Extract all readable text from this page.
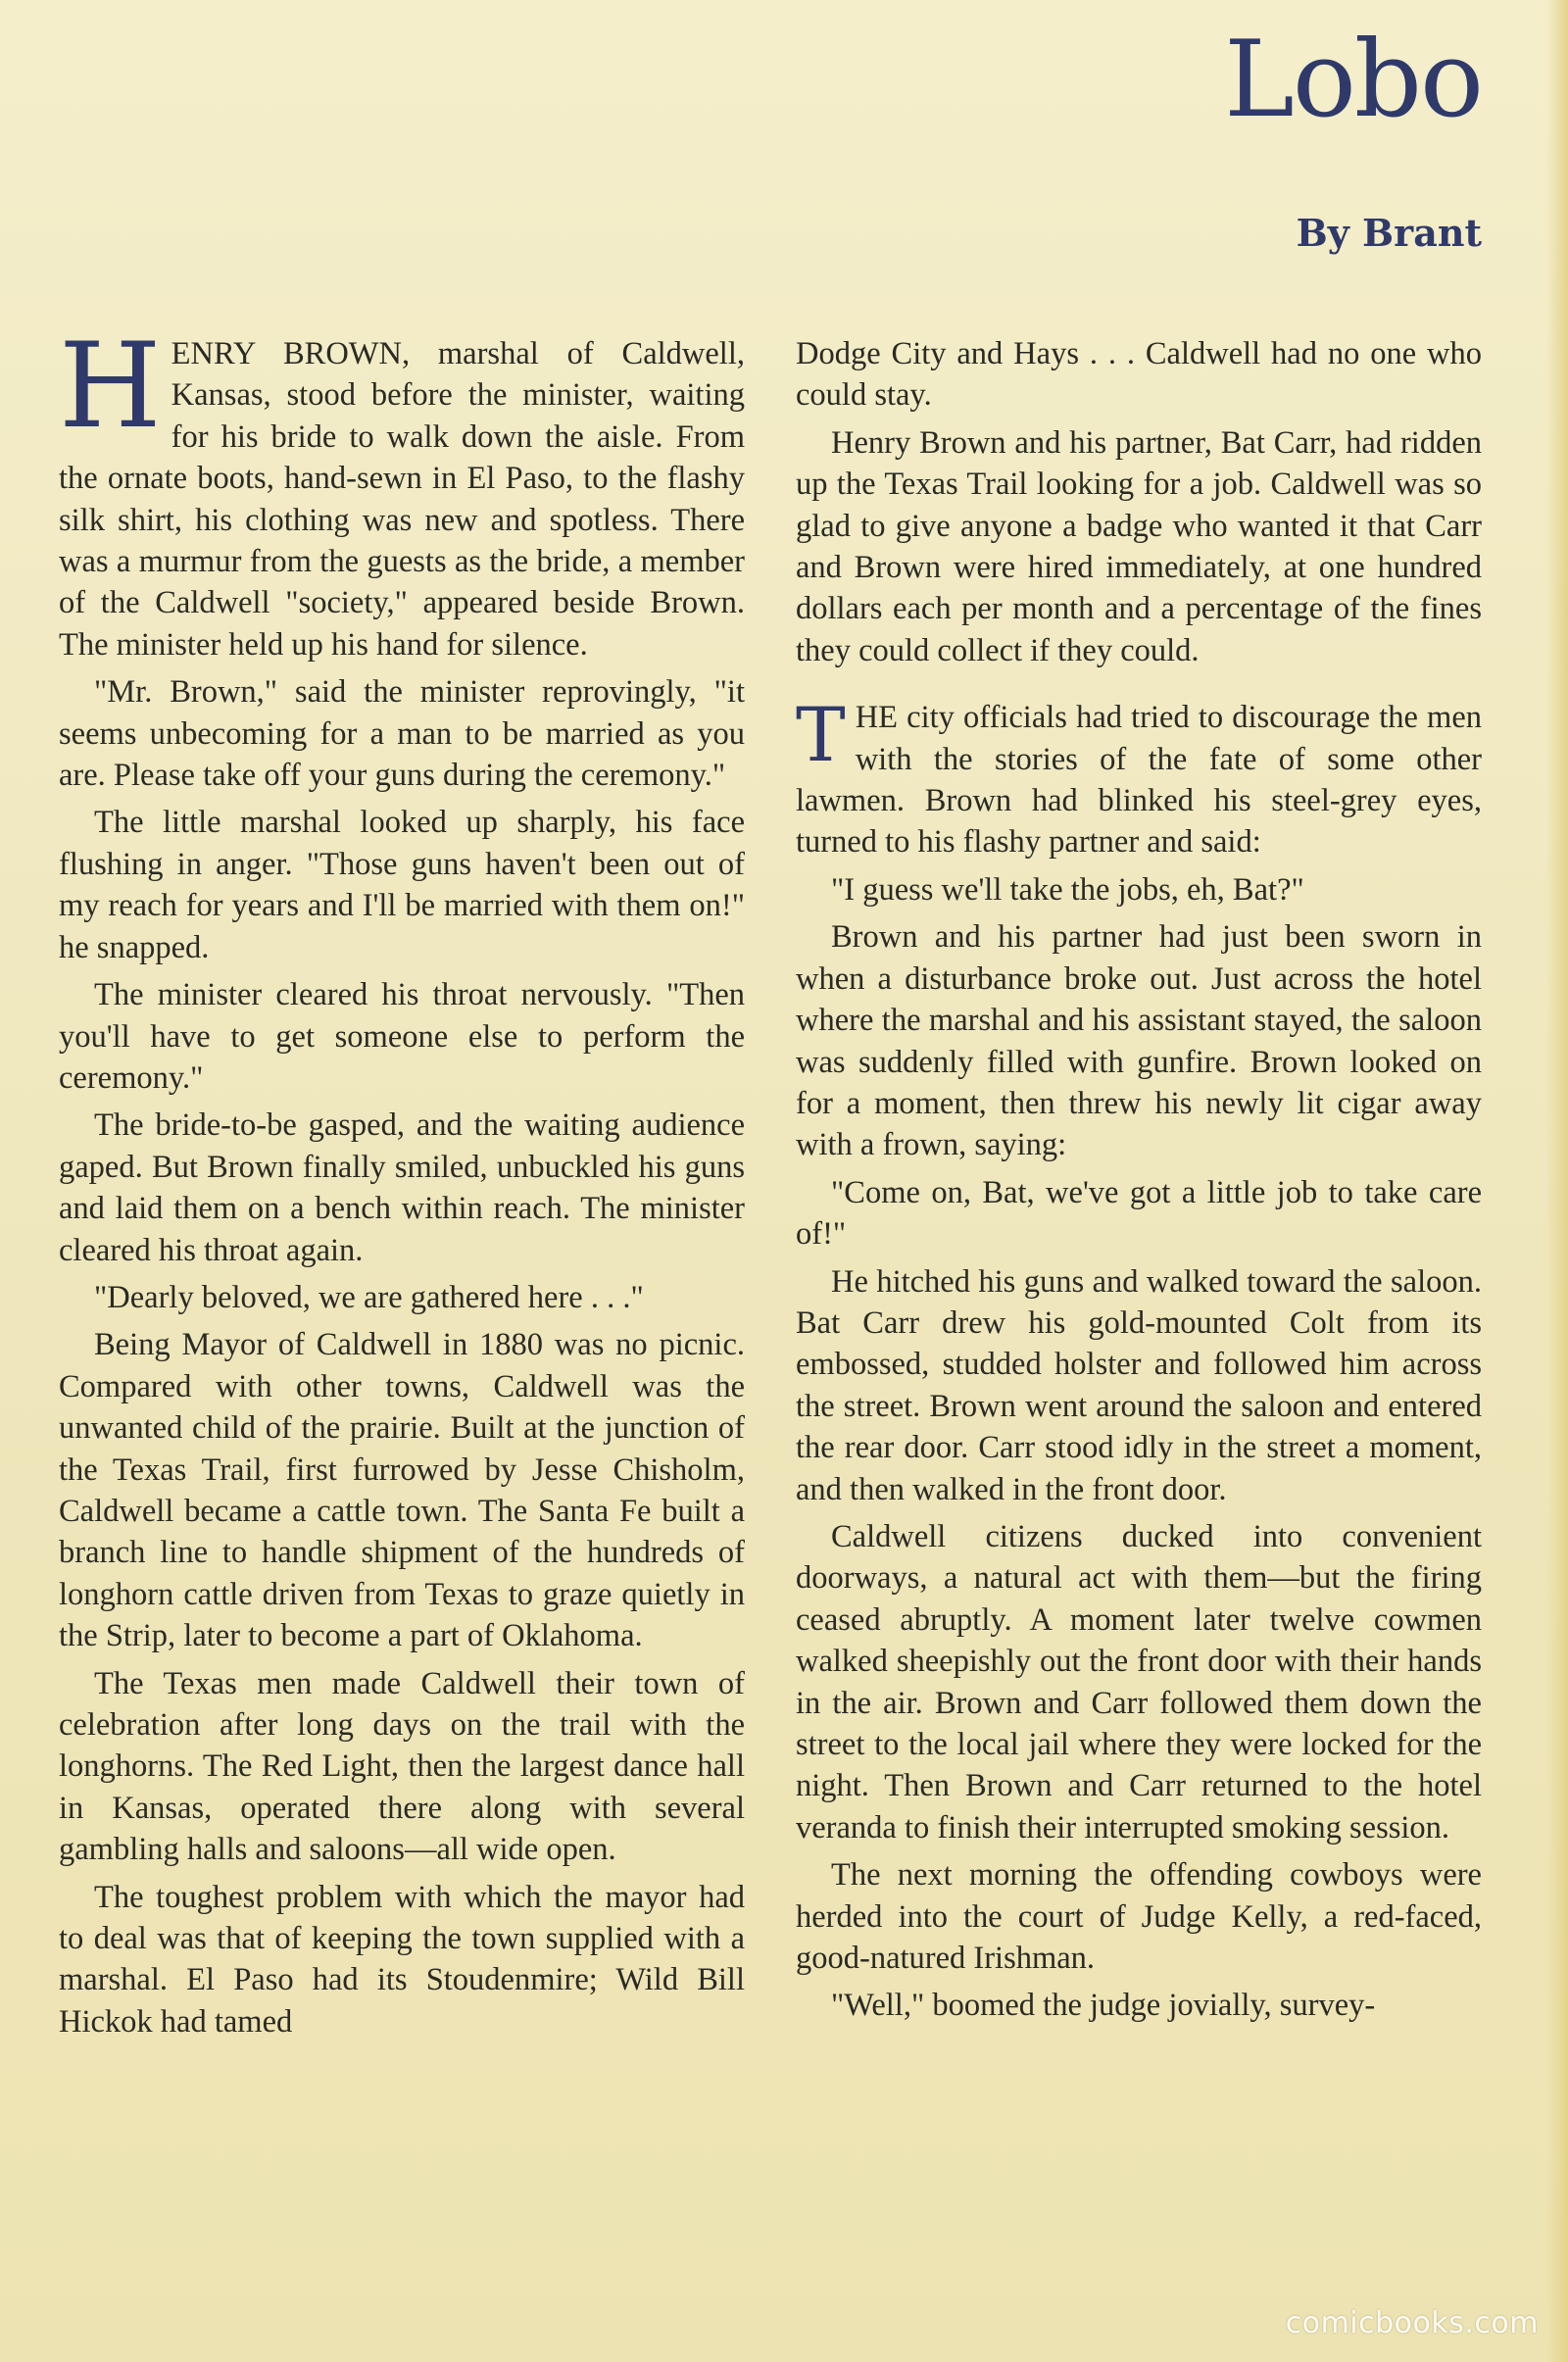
Lobo
By Brant

HENRY BROWN, marshal of Caldwell, Kansas, stood before the minister, waiting for his bride to walk down the aisle. From the ornate boots, hand-sewn in El Paso, to the flashy silk shirt, his clothing was new and spotless. There was a murmur from the guests as the bride, a member of the Caldwell "society," appeared beside Brown. The minister held up his hand for silence.

"Mr. Brown," said the minister reprovingly, "it seems unbecoming for a man to be married as you are. Please take off your guns during the ceremony."

The little marshal looked up sharply, his face flushing in anger. "Those guns haven't been out of my reach for years and I'll be married with them on!" he snapped.

The minister cleared his throat nervously. "Then you'll have to get someone else to perform the ceremony."

The bride-to-be gasped, and the waiting audience gaped. But Brown finally smiled, unbuckled his guns and laid them on a bench within reach. The minister cleared his throat again.

"Dearly beloved, we are gathered here . . ."

Being Mayor of Caldwell in 1880 was no picnic. Compared with other towns, Caldwell was the unwanted child of the prairie. Built at the junction of the Texas Trail, first furrowed by Jesse Chisholm, Caldwell became a cattle town. The Santa Fe built a branch line to handle shipment of the hundreds of longhorn cattle driven from Texas to graze quietly in the Strip, later to become a part of Oklahoma.

The Texas men made Caldwell their town of celebration after long days on the trail with the longhorns. The Red Light, then the largest dance hall in Kansas, operated there along with several gambling halls and saloons—all wide open.

The toughest problem with which the mayor had to deal was that of keeping the town supplied with a marshal. El Paso had its Stoudenmire; Wild Bill Hickok had tamed

Dodge City and Hays . . . Caldwell had no one who could stay.

Henry Brown and his partner, Bat Carr, had ridden up the Texas Trail looking for a job. Caldwell was so glad to give anyone a badge who wanted it that Carr and Brown were hired immediately, at one hundred dollars each per month and a percentage of the fines they could collect if they could.

THE city officials had tried to discourage the men with the stories of the fate of some other lawmen. Brown had blinked his steel-grey eyes, turned to his flashy partner and said:

"I guess we'll take the jobs, eh, Bat?"

Brown and his partner had just been sworn in when a disturbance broke out. Just across the hotel where the marshal and his assistant stayed, the saloon was suddenly filled with gunfire. Brown looked on for a moment, then threw his newly lit cigar away with a frown, saying:

"Come on, Bat, we've got a little job to take care of!"

He hitched his guns and walked toward the saloon. Bat Carr drew his gold-mounted Colt from its embossed, studded holster and followed him across the street. Brown went around the saloon and entered the rear door. Carr stood idly in the street a moment, and then walked in the front door.

Caldwell citizens ducked into convenient doorways, a natural act with them—but the firing ceased abruptly. A moment later twelve cowmen walked sheepishly out the front door with their hands in the air. Brown and Carr followed them down the street to the local jail where they were locked for the night. Then Brown and Carr returned to the hotel veranda to finish their interrupted smoking session.

The next morning the offending cowboys were herded into the court of Judge Kelly, a red-faced, good-natured Irishman.

"Well," boomed the judge jovially, survey-

comicbooks.com
